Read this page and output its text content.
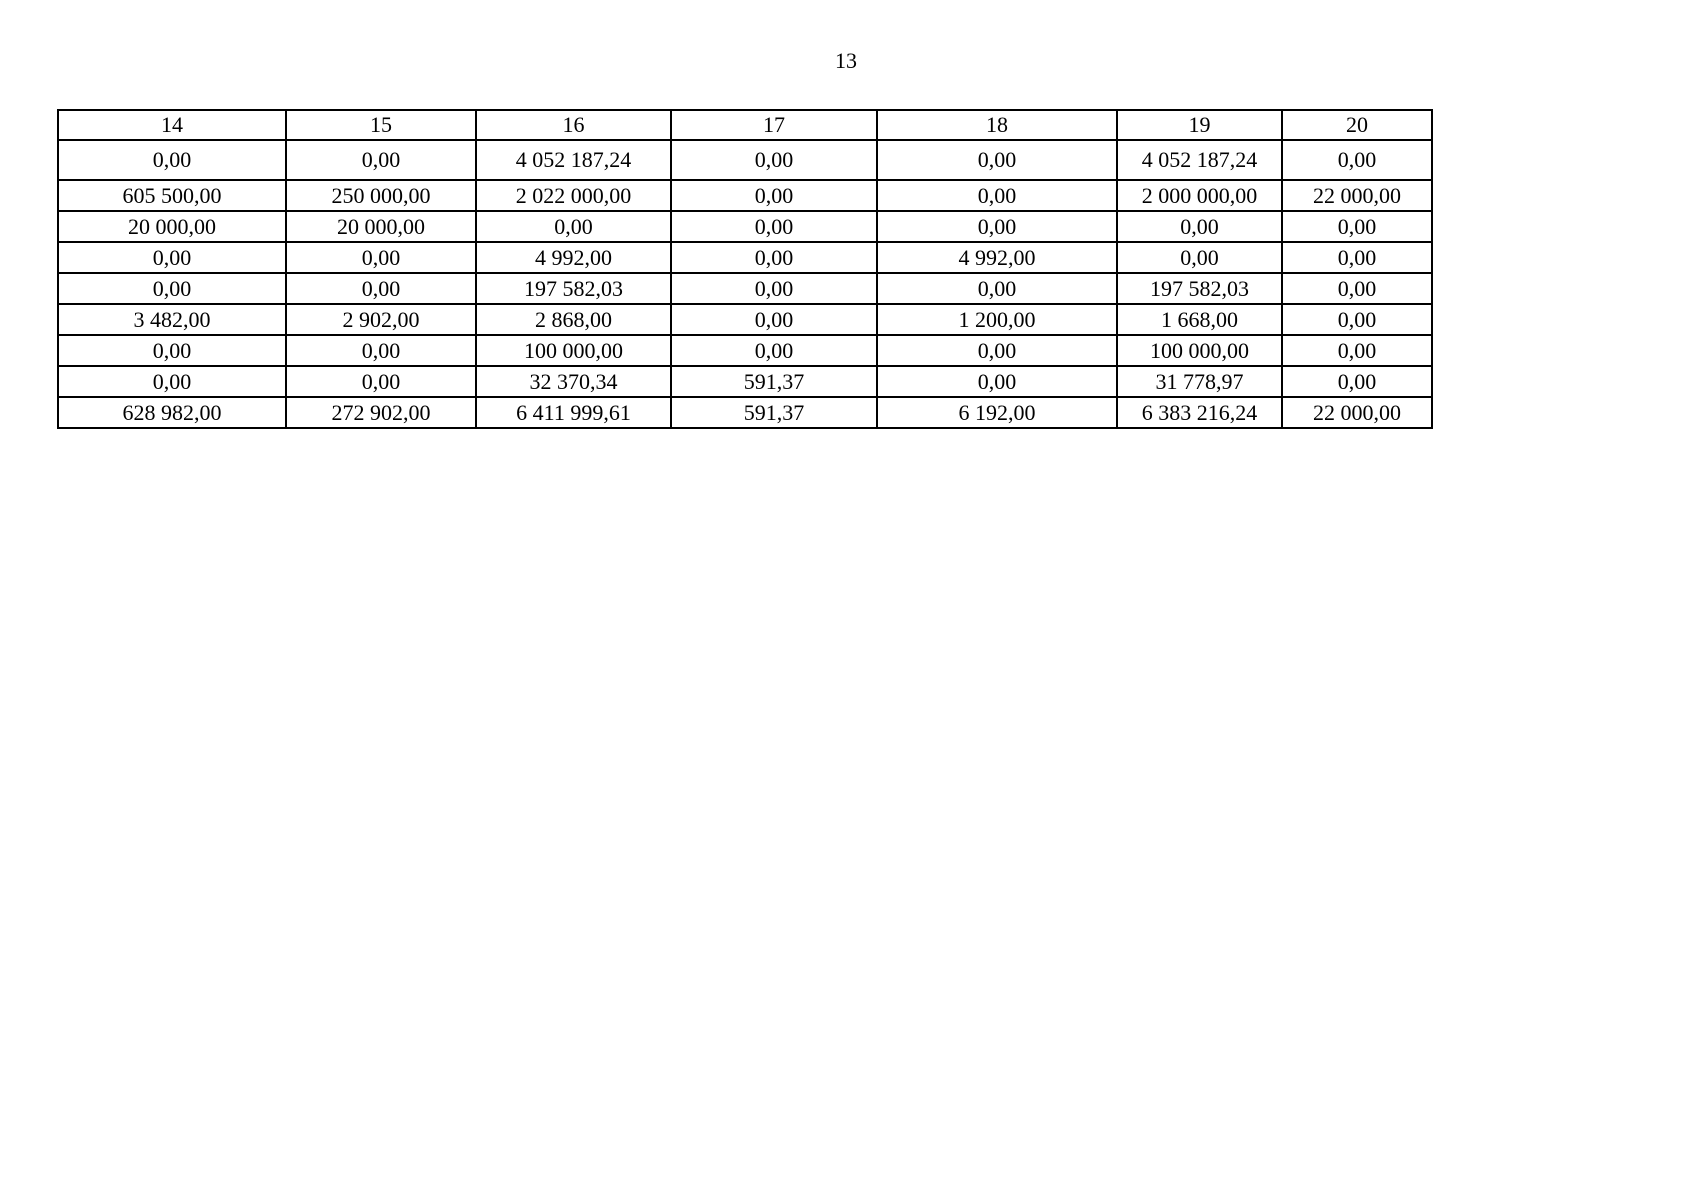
13
14	15	16	17	18	19	20
0,00	0,00	4 052 187,24	0,00	0,00	4 052 187,24	0,00
605 500,00	250 000,00	2 022 000,00	0,00	0,00	2 000 000,00	22 000,00
20 000,00	20 000,00	0,00	0,00	0,00	0,00	0,00
0,00	0,00	4 992,00	0,00	4 992,00	0,00	0,00
0,00	0,00	197 582,03	0,00	0,00	197 582,03	0,00
3 482,00	2 902,00	2 868,00	0,00	1 200,00	1 668,00	0,00
0,00	0,00	100 000,00	0,00	0,00	100 000,00	0,00
0,00	0,00	32 370,34	591,37	0,00	31 778,97	0,00
628 982,00	272 902,00	6 411 999,61	591,37	6 192,00	6 383 216,24	22 000,00
